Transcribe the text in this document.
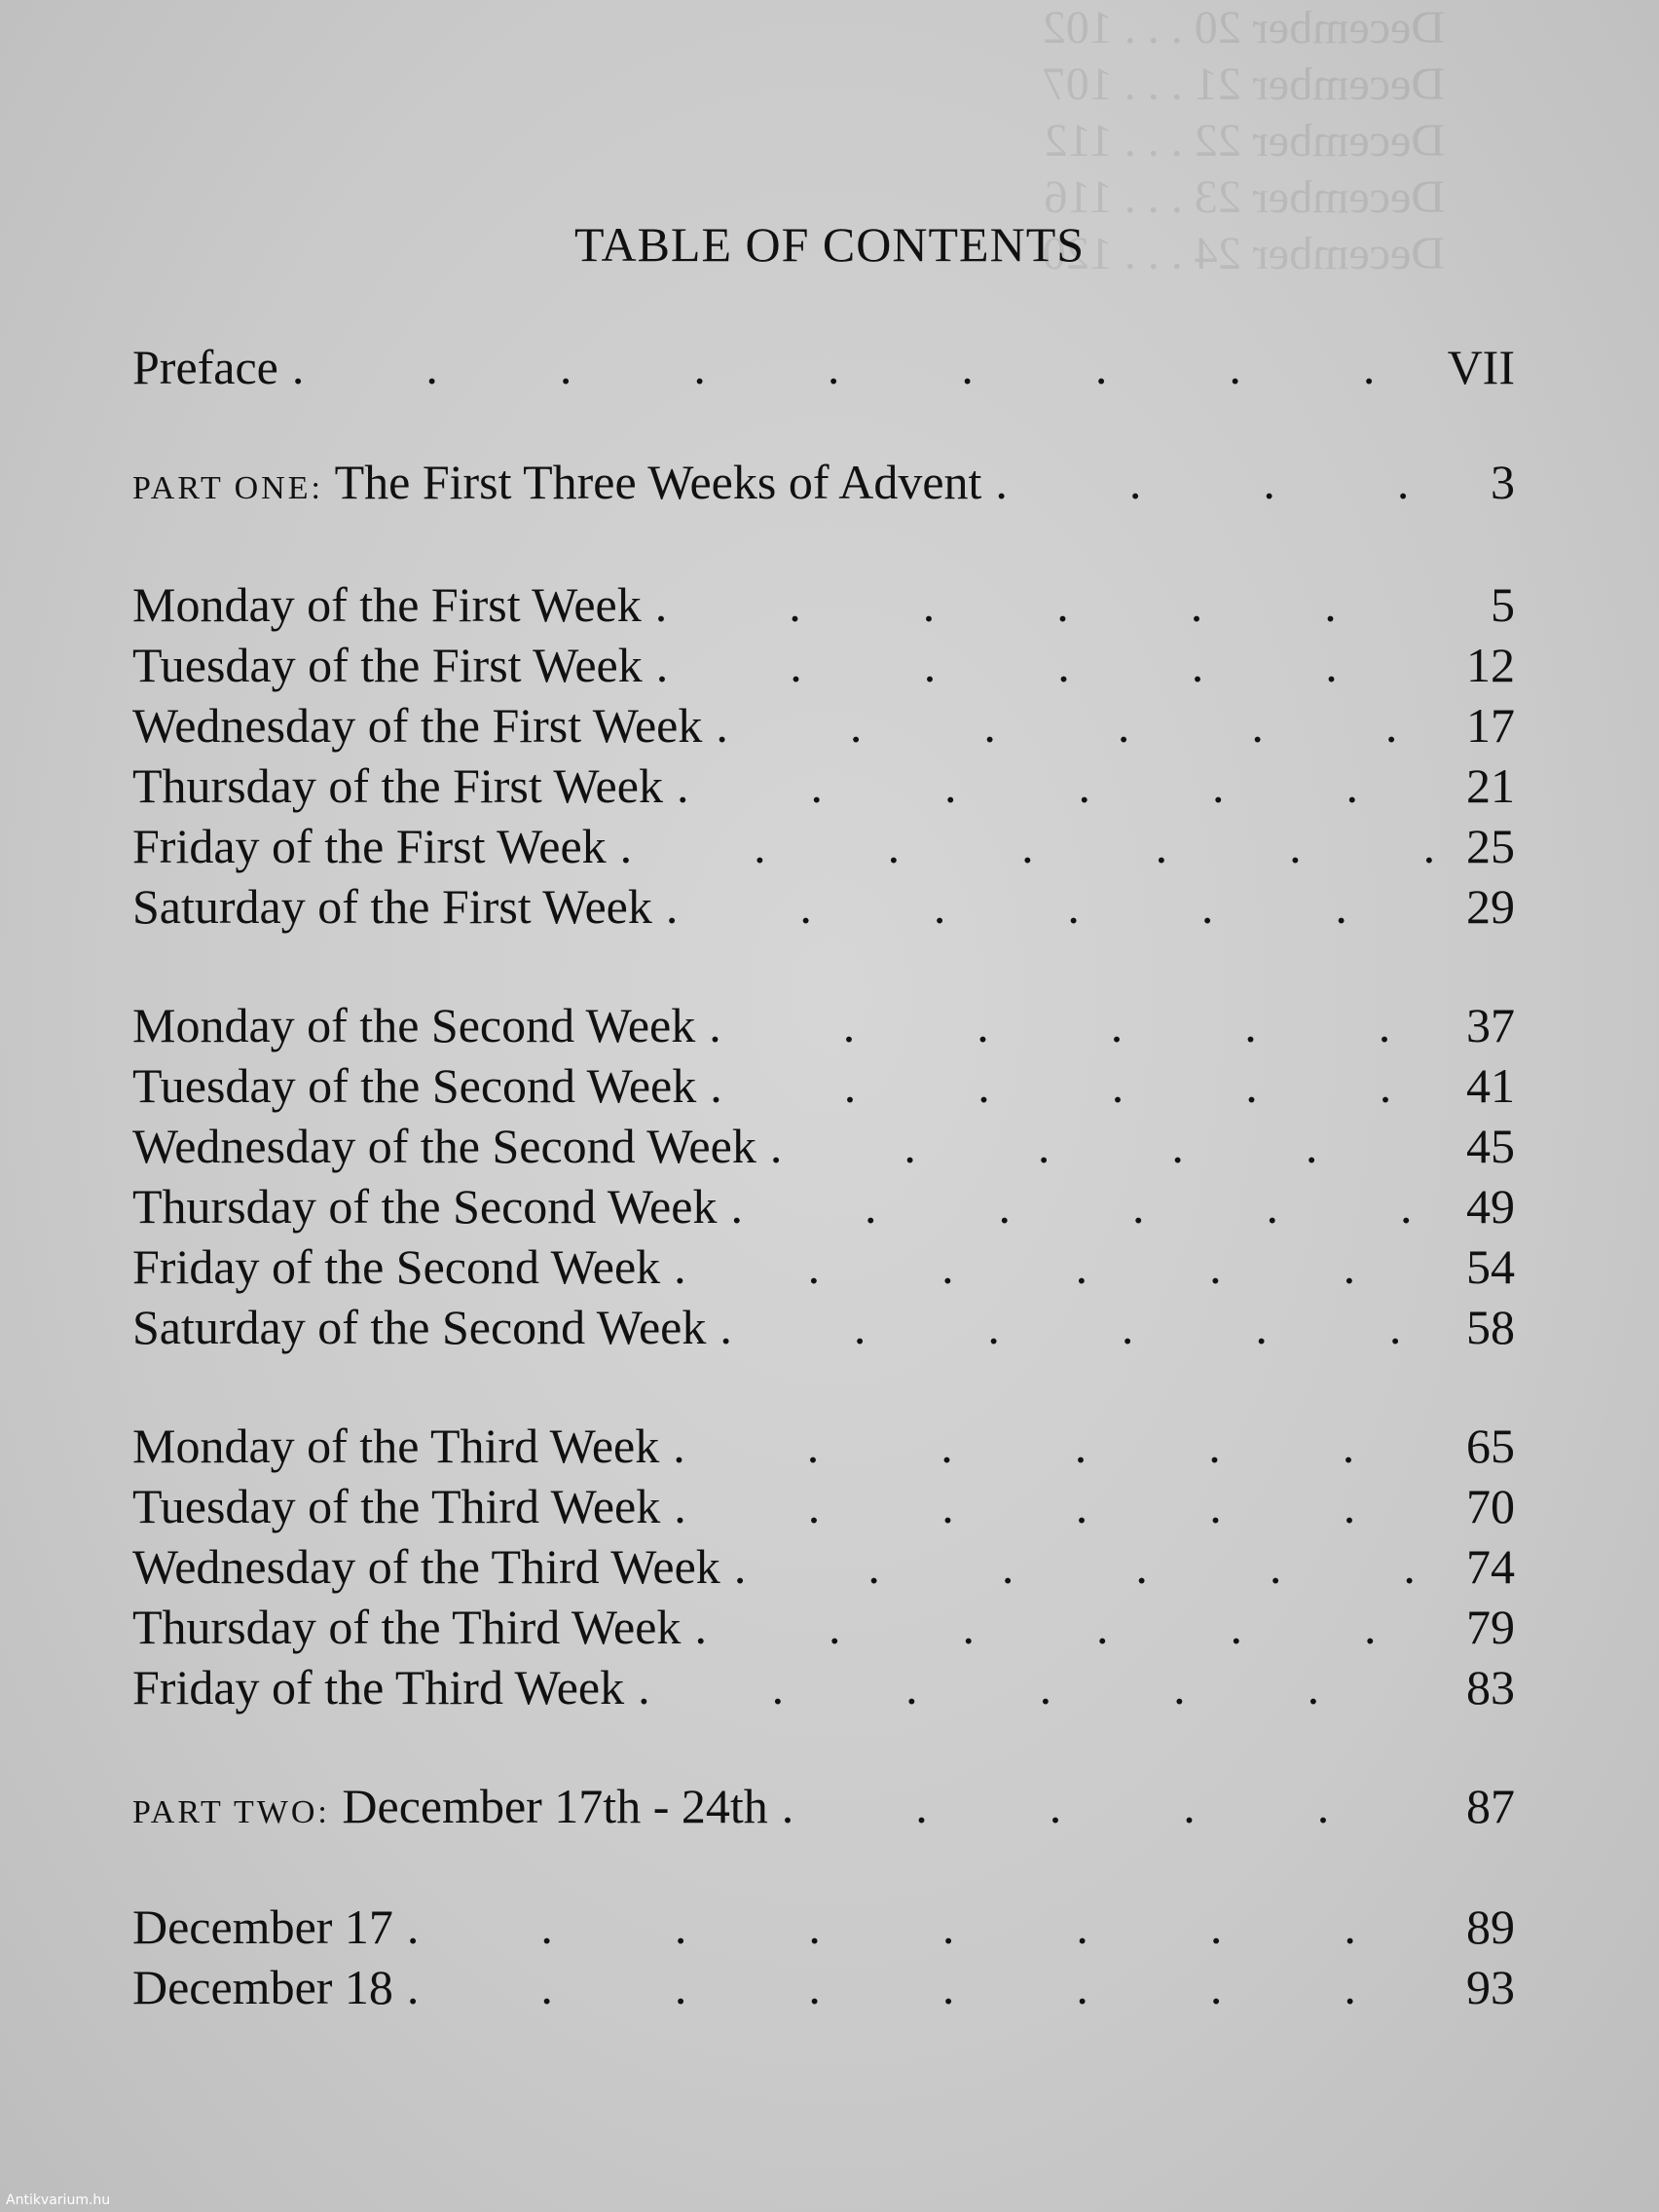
December 20 . . . 102
December 21 . . . 107
December 22 . . . 112
December 23 . . . 116
December 24 . . . 120
TABLE OF CONTENTS
Preface .	VII
PART ONE: The First Three Weeks of Advent .	3
Monday of the First Week .	5
Tuesday of the First Week .	12
Wednesday of the First Week .	17
Thursday of the First Week .	21
Friday of the First Week .	25
Saturday of the First Week .	29
Monday of the Second Week .	37
Tuesday of the Second Week .	41
Wednesday of the Second Week .	45
Thursday of the Second Week .	49
Friday of the Second Week .	54
Saturday of the Second Week .	58
Monday of the Third Week .	65
Tuesday of the Third Week .	70
Wednesday of the Third Week .	74
Thursday of the Third Week .	79
Friday of the Third Week .	83
PART TWO: December 17th - 24th .	87
December 17 .	89
December 18 .	93
Antikvarium.hu
